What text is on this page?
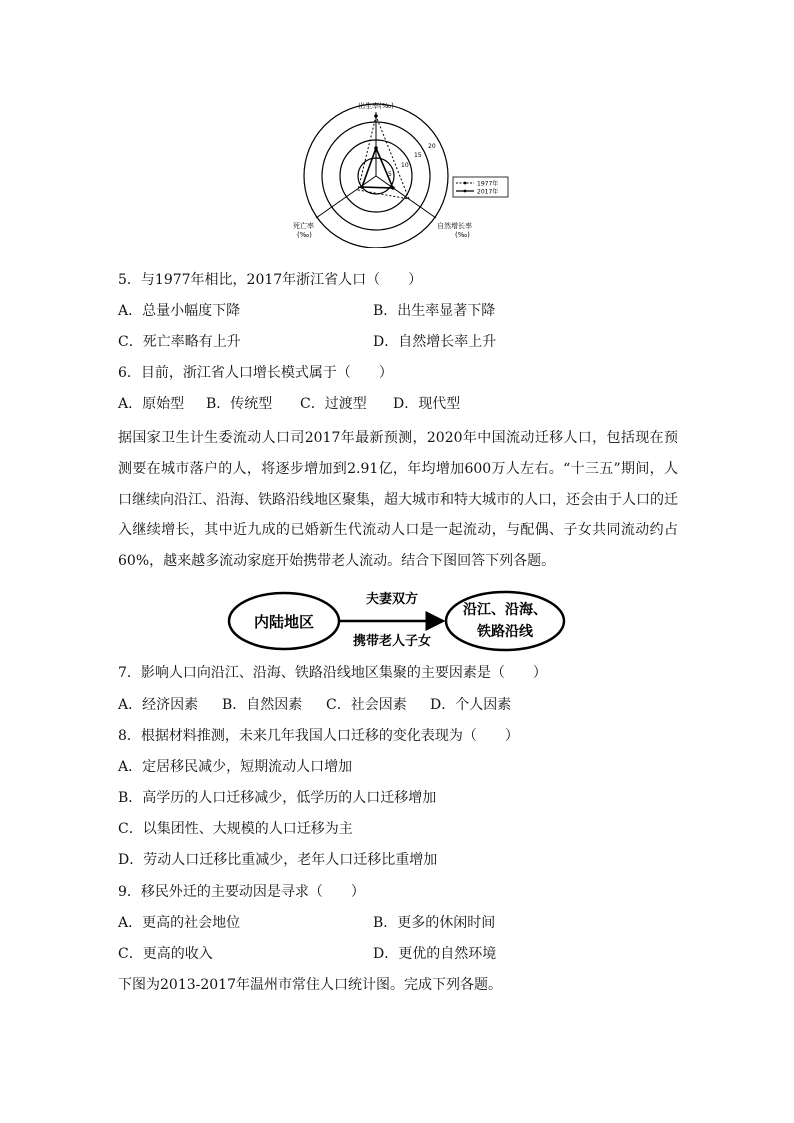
出生率(‰)
死亡率
(‰)
自然增长率
(‰)
5
10
15
20
1977年
2017年
5．与1977年相比，2017年浙江省人口（　　）
A．总量小幅度下降	B．出生率显著下降
C．死亡率略有上升	D．自然增长率上升
6．目前，浙江省人口增长模式属于（　　）
A．原始型 B．传统型 C．过渡型 D．现代型
据国家卫生计生委流动人口司2017年最新预测，2020年中国流动迁移人口，包括现在预测要在城市落户的人，将逐步增加到2.91亿，年均增加600万人左右。“十三五”期间，人口继续向沿江、沿海、铁路沿线地区聚集，超大城市和特大城市的人口，还会由于人口的迁入继续增长，其中近九成的已婚新生代流动人口是一起流动，与配偶、子女共同流动约占60%，越来越多流动家庭开始携带老人流动。结合下图回答下列各题。
内陆地区
夫妻双方
携带老人子女
沿江、沿海、
铁路沿线
7．影响人口向沿江、沿海、铁路沿线地区集聚的主要因素是（　　）
A．经济因素 B．自然因素 C．社会因素 D．个人因素
8．根据材料推测，未来几年我国人口迁移的变化表现为（　　）
A．定居移民减少，短期流动人口增加
B．高学历的人口迁移减少，低学历的人口迁移增加
C．以集团性、大规模的人口迁移为主
D．劳动人口迁移比重减少，老年人口迁移比重增加
9．移民外迁的主要动因是寻求（　　）
A．更高的社会地位	B．更多的休闲时间
C．更高的收入	D．更优的自然环境
下图为2013-2017年温州市常住人口统计图。完成下列各题。
